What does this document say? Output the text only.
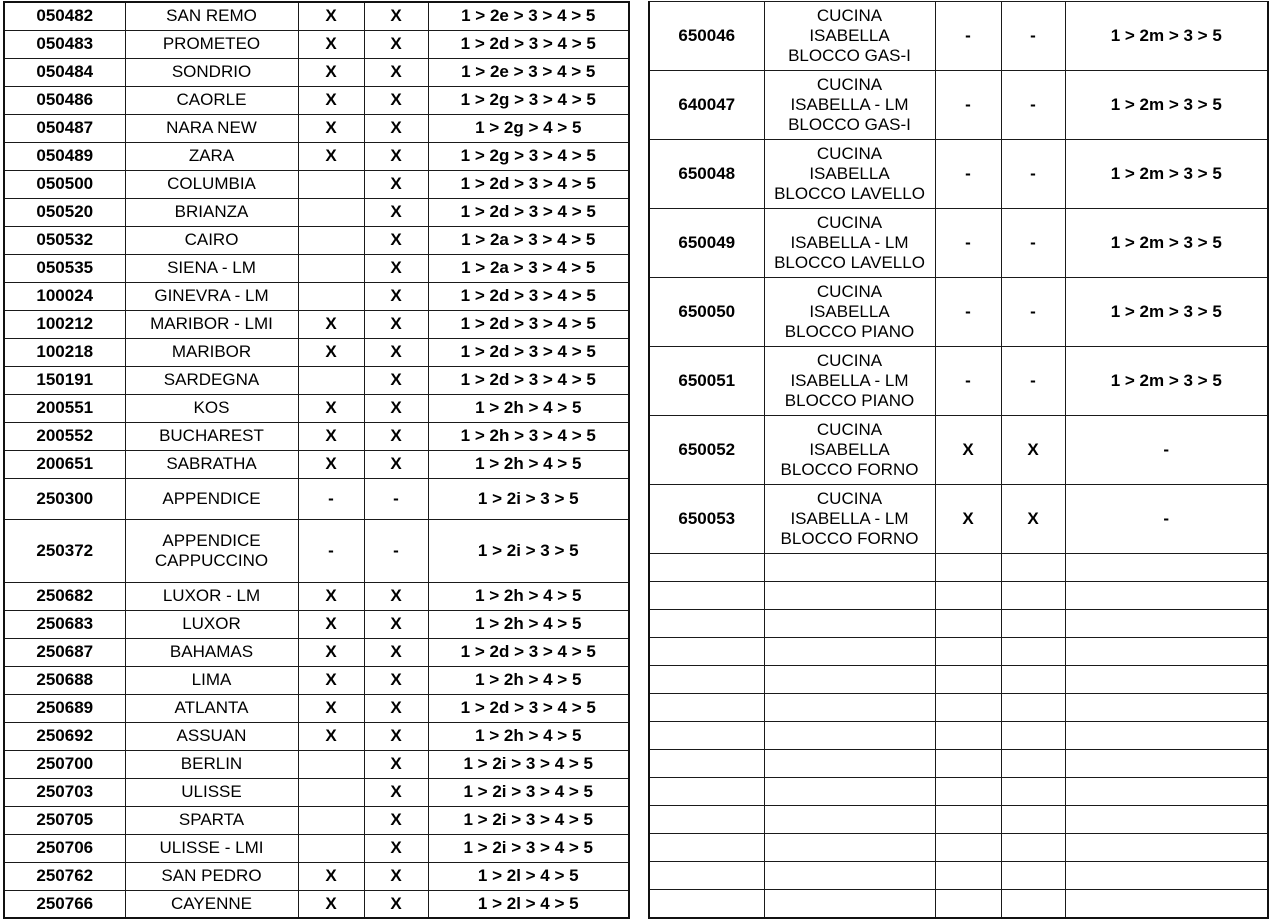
050482	SAN REMO	X	X	1 > 2e > 3 > 4 > 5
050483	PROMETEO	X	X	1 > 2d > 3 > 4 > 5
050484	SONDRIO	X	X	1 > 2e > 3 > 4 > 5
050486	CAORLE	X	X	1 > 2g > 3 > 4 > 5
050487	NARA NEW	X	X	1 > 2g > 4 > 5
050489	ZARA	X	X	1 > 2g > 3 > 4 > 5
050500	COLUMBIA		X	1 > 2d > 3 > 4 > 5
050520	BRIANZA		X	1 > 2d > 3 > 4 > 5
050532	CAIRO		X	1 > 2a > 3 > 4 > 5
050535	SIENA - LM		X	1 > 2a > 3 > 4 > 5
100024	GINEVRA - LM		X	1 > 2d > 3 > 4 > 5
100212	MARIBOR - LMI	X	X	1 > 2d > 3 > 4 > 5
100218	MARIBOR	X	X	1 > 2d > 3 > 4 > 5
150191	SARDEGNA		X	1 > 2d > 3 > 4 > 5
200551	KOS	X	X	1 > 2h > 4 > 5
200552	BUCHAREST	X	X	1 > 2h > 3 > 4 > 5
200651	SABRATHA	X	X	1 > 2h > 4 > 5
250300	APPENDICE	-	-	1 > 2i > 3 > 5
250372	APPENDICE CAPPUCCINO	-	-	1 > 2i > 3 > 5
250682	LUXOR - LM	X	X	1 > 2h > 4 > 5
250683	LUXOR	X	X	1 > 2h > 4 > 5
250687	BAHAMAS	X	X	1 > 2d > 3 > 4 > 5
250688	LIMA	X	X	1 > 2h > 4 > 5
250689	ATLANTA	X	X	1 > 2d > 3 > 4 > 5
250692	ASSUAN	X	X	1 > 2h > 4 > 5
250700	BERLIN		X	1 > 2i > 3 > 4 > 5
250703	ULISSE		X	1 > 2i > 3 > 4 > 5
250705	SPARTA		X	1 > 2i > 3 > 4 > 5
250706	ULISSE - LMI		X	1 > 2i > 3 > 4 > 5
250762	SAN PEDRO	X	X	1 > 2l > 4 > 5
250766	CAYENNE	X	X	1 > 2l > 4 > 5
650046	CUCINA
ISABELLA
BLOCCO GAS-I	-	-	1 > 2m > 3 > 5
640047	CUCINA
ISABELLA - LM
BLOCCO GAS-I	-	-	1 > 2m > 3 > 5
650048	CUCINA
ISABELLA
BLOCCO LAVELLO	-	-	1 > 2m > 3 > 5
650049	CUCINA
ISABELLA - LM
BLOCCO LAVELLO	-	-	1 > 2m > 3 > 5
650050	CUCINA
ISABELLA
BLOCCO PIANO	-	-	1 > 2m > 3 > 5
650051	CUCINA
ISABELLA - LM
BLOCCO PIANO	-	-	1 > 2m > 3 > 5
650052	CUCINA
ISABELLA
BLOCCO FORNO	X	X	-
650053	CUCINA
ISABELLA - LM
BLOCCO FORNO	X	X	-
